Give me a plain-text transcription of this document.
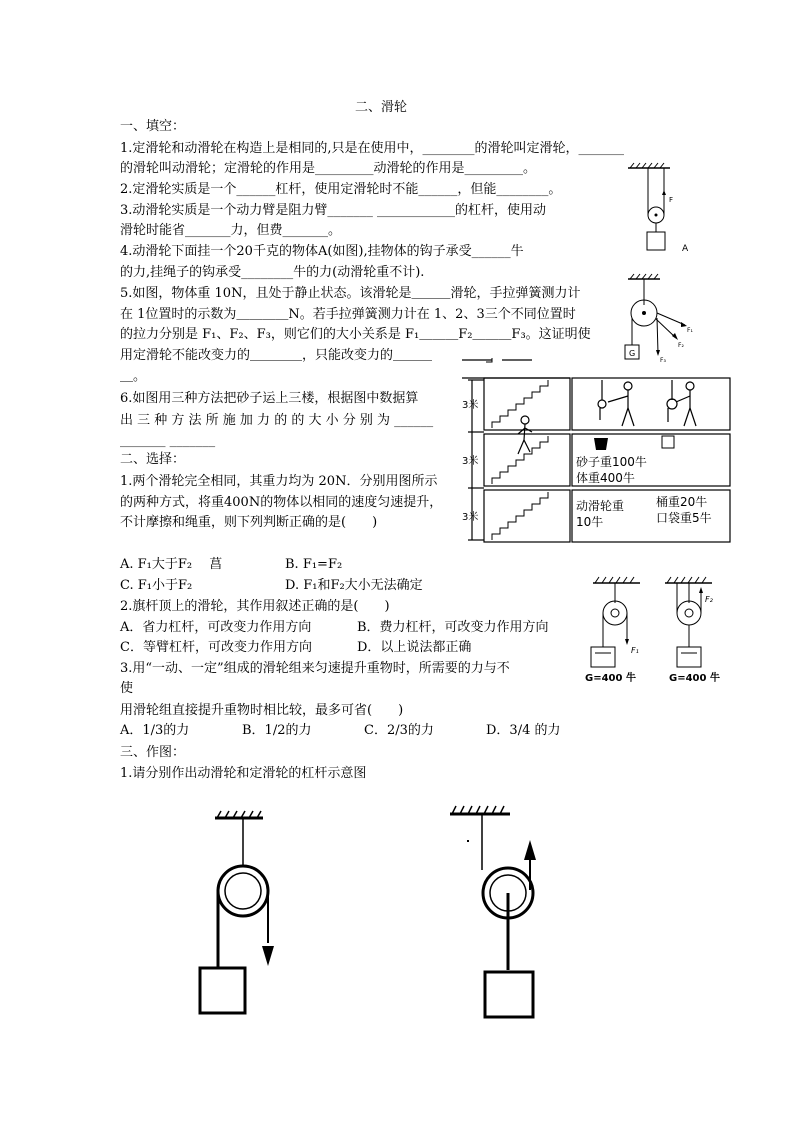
二、滑轮
一、填空：
1.定滑轮和动滑轮在构造上是相同的,只是在使用中，________的滑轮叫定滑轮，_______
的滑轮叫动滑轮；定滑轮的作用是_________动滑轮的作用是_________。
2.定滑轮实质是一个______杠杆，使用定滑轮时不能______，但能________。
3.动滑轮实质是一个动力臂是阻力臂_______ ____________的杠杆，使用动
滑轮时能省_______力，但费_______。
4.动滑轮下面挂一个20千克的物体A(如图),挂物体的钩子承受______牛
的力,挂绳子的钩承受________牛的力(动滑轮重不计).
5.如图，物体重 10N，且处于静止状态。该滑轮是＿＿＿滑轮，手拉弹簧测力计
在 1位置时的示数为＿＿＿＿N。若手拉弹簧测力计在 1、2、3三个不同位置时
的拉力分别是 F₁、F₂、F₃，则它们的大小关系是 F₁＿＿＿F₂＿＿＿F₃。这证明使
用定滑轮不能改变力的＿＿＿＿，只能改变力的＿＿＿
＿。
6.如图用三种方法把砂子运上三楼，根据图中数据算
出 三 种 方 法 所 施 加 力 的 的 大 小 分 别 为 ______
_______ _______
二、选择：
1.两个滑轮完全相同，其重力均为 20N．分别用图所示
的两种方式，将重400N的物体以相同的速度匀速提升，
不计摩擦和绳重，则下列判断正确的是(　　)
A. F₁大于F₂　 菖	B. F₁=F₂
C. F₁小于F₂	D. F₁和F₂大小无法确定
2.旗杆顶上的滑轮，其作用叙述正确的是(　　)
A．省力杠杆，可改变力作用方向	B．费力杠杆，可改变力作用方向
C．等臂杠杆，可改变力作用方向	D．以上说法都正确
3.用“一动、一定”组成的滑轮组来匀速提升重物时，所需要的力与不
使
用滑轮组直接提升重物时相比较，最多可省(　　)
A．1/3的力	B．1/2的力	C．2/3的力	D．3/4 的力
三、作图：
1.请分别作出动滑轮和定滑轮的杠杆示意图
F
A
G
F₁
F₂
F₃
3米
3米
3米
砂子重100牛
体重400牛
动滑轮重
10牛
桶重20牛
口袋重5牛
F₁
F₂
G=400 牛	G=400 牛
